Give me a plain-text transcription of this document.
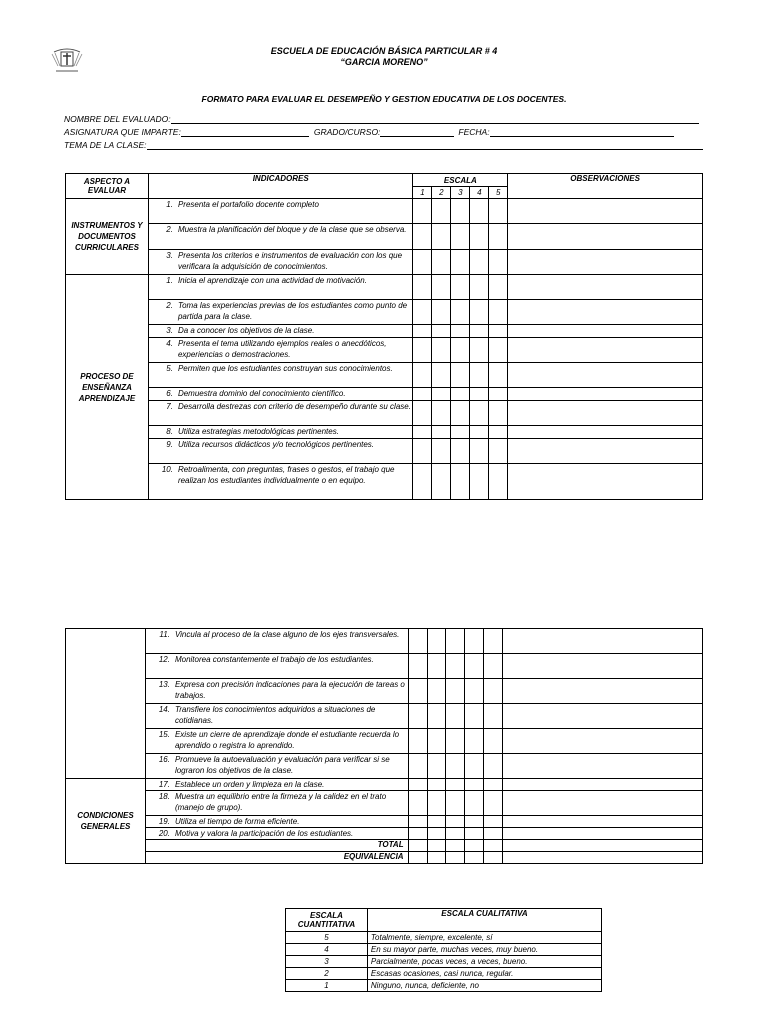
ESCUELA DE EDUCACIÓN BÁSICA PARTICULAR # 4
“GARCIA MORENO”
FORMATO PARA EVALUAR EL DESEMPEÑO Y GESTION EDUCATIVA DE LOS DOCENTES.
NOMBRE DEL EVALUADO:
ASIGNATURA QUE IMPARTE:	GRADO/CURSO:	FECHA:
TEMA DE LA CLASE:
ASPECTO A EVALUAR	INDICADORES	ESCALA					OBSERVACIONES
		1	2	3	4	5	
INSTRUMENTOS Y DOCUMENTOS CURRICULARES	1. Presenta el portafolio docente completo						

	2. Muestra la planificación del bloque y de la clase que se observa.						

	3. Presenta los criterios e instrumentos de evaluación con los que verificara la adquisición de conocimientos.						

PROCESO DE ENSEÑANZA APRENDIZAJE	1. Inicia el aprendizaje con una actividad de motivación.						

	2. Toma las experiencias previas de los estudiantes como punto de partida para la clase.						

	3. Da a conocer los objetivos de la clase.						

	4. Presenta el tema utilizando ejemplos reales o anecdóticos, experiencias o demostraciones.						

	5. Permiten que los estudiantes construyan sus conocimientos.						

	6. Demuestra dominio del conocimiento científico.						

	7. Desarrolla destrezas con criterio de desempeño durante su clase.						

	8. Utiliza estrategias metodológicas pertinentes.						

	9. Utiliza recursos didácticos y/o tecnológicos pertinentes.						

	10. Retroalimenta, con preguntas, frases o gestos, el trabajo que realizan los estudiantes individualmente o en equipo.						

	11. Vincula al proceso de la clase alguno de los ejes transversales.						

	12. Monitorea constantemente el trabajo de los estudiantes.						

	13. Expresa con precisión indicaciones para la ejecución de tareas o trabajos.						

	14. Transfiere los conocimientos adquiridos a situaciones de cotidianas.						

	15. Existe un cierre de aprendizaje donde el estudiante recuerda lo aprendido o registra lo aprendido.						

	16. Promueve la autoevaluación y evaluación para verificar si se lograron los objetivos de la clase.						

CONDICIONES GENERALES	17. Establece un orden y limpieza en la clase.						

	18. Muestra un equilibrio entre la firmeza y la calidez en el trato (manejo de grupo).						

	19. Utiliza el tiempo de forma eficiente.						

	20. Motiva y valora la participación de los estudiantes.						

	TOTAL						
	EQUIVALENCIA						
ESCALA CUANTITATIVA	ESCALA CUALITATIVA
5	Totalmente, siempre, excelente, sí
4	En su mayor parte, muchas veces, muy bueno.
3	Parcialmente, pocas veces, a veces, bueno.
2	Escasas ocasiones, casi nunca, regular.
1	Ninguno, nunca, deficiente, no
